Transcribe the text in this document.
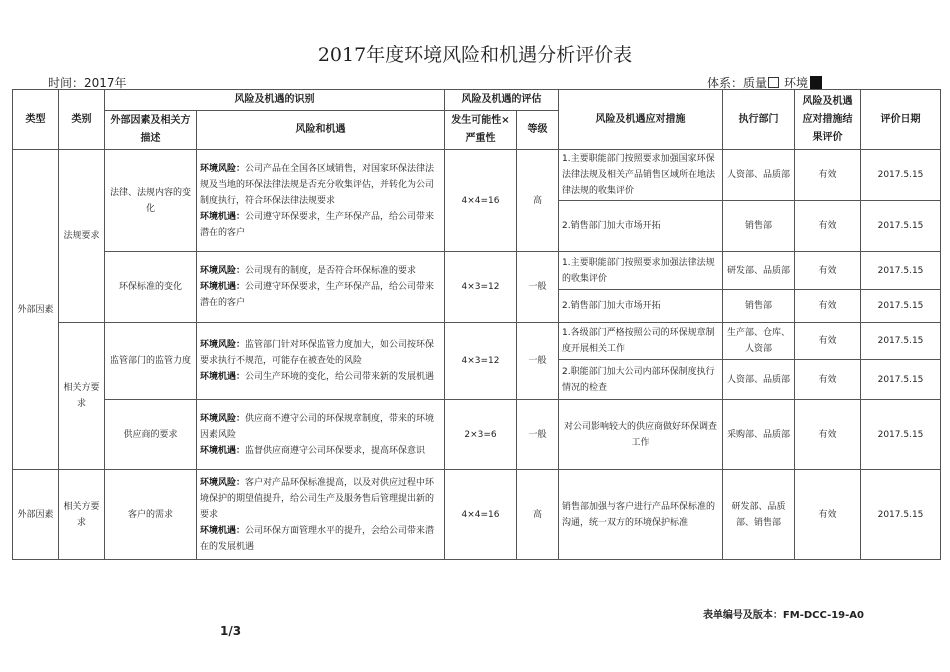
2017年度环境风险和机遇分析评价表
时间：2017年	体系：质量 环境
类型	类别	风险及机遇的识别		风险及机遇的评估		风险及机遇应对措施	执行部门	风险及机遇应对措施结果评价	评价日期
		外部因素及相关方描述	风险和机遇	发生可能性×严重性	等级				
外部因素	法规要求	法律、法规内容的变化	环境风险：公司产品在全国各区域销售，对国家环保法律法规及当地的环保法律法规是否充分收集评估，并转化为公司制度执行，符合环保法律法规要求
环境机遇：公司遵守环保要求，生产环保产品，给公司带来潜在的客户	4×4=16	高	1.主要职能部门按照要求加强国家环保法律法规及相关产品销售区域所在地法律法规的收集评价	人资部、品质部	有效	2017.5.15
						2.销售部门加大市场开拓	销售部	有效	2017.5.15
		环保标准的变化	环境风险：公司现有的制度，是否符合环保标准的要求
环境机遇：公司遵守环保要求，生产环保产品，给公司带来潜在的客户	4×3=12	一般	1.主要职能部门按照要求加强法律法规的收集评价	研发部、品质部	有效	2017.5.15
						2.销售部门加大市场开拓	销售部	有效	2017.5.15
	相关方要求	监管部门的监管力度	环境风险：监管部门针对环保监管力度加大，如公司按环保要求执行不规范，可能存在被查处的风险
环境机遇：公司生产环境的变化，给公司带来新的发展机遇	4×3=12	一般	1.各级部门严格按照公司的环保规章制度开展相关工作	生产部、仓库、人资部	有效	2017.5.15
						2.职能部门加大公司内部环保制度执行情况的检查	人资部、品质部	有效	2017.5.15
		供应商的要求	环境风险：供应商不遵守公司的环保规章制度，带来的环境因素风险
环境机遇：监督供应商遵守公司环保要求，提高环保意识	2×3=6	一般	对公司影响较大的供应商做好环保调查工作	采购部、品质部	有效	2017.5.15

外部因素	相关方要求	客户的需求	环境风险：客户对产品环保标准提高，以及对供应过程中环境保护的期望值提升，给公司生产及服务售后管理提出新的要求
环境机遇：公司环保方面管理水平的提升，会给公司带来潜在的发展机遇	4×4=16	高	销售部加强与客户进行产品环保标准的沟通，统一双方的环境保护标准	研发部、品质部、销售部	有效	2017.5.15
表单编号及版本：FM-DCC-19-A0
1/3
